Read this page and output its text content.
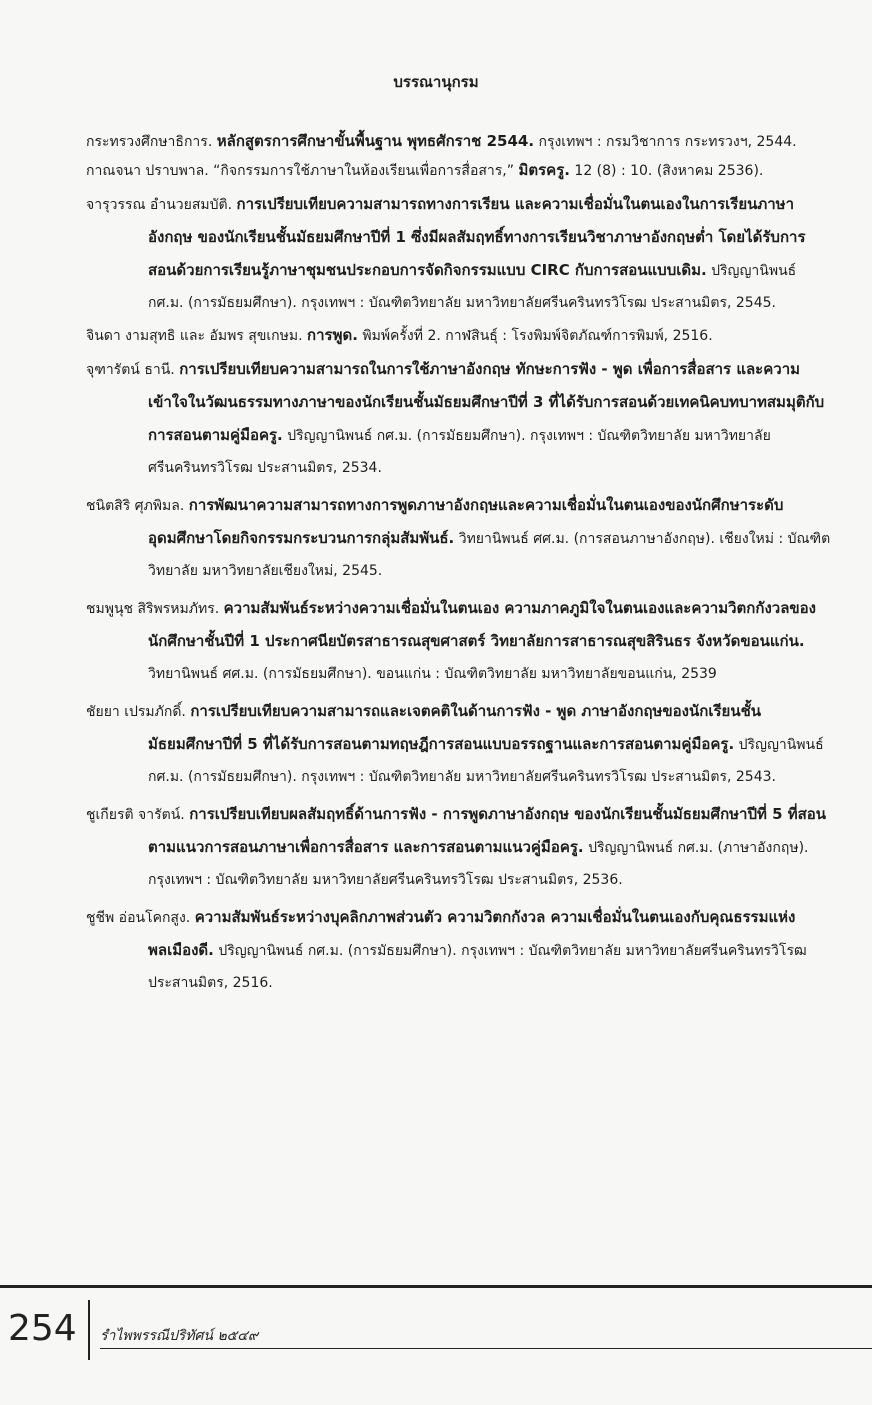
บรรณานุกรม
กระทรวงศึกษาธิการ. หลักสูตรการศึกษาขั้นพื้นฐาน พุทธศักราช 2544. กรุงเทพฯ : กรมวิชาการ กระทรวงฯ, 2544.
กาณจนา ปราบพาล. “กิจกรรมการใช้ภาษาในห้องเรียนเพื่อการสื่อสาร,” มิตรครู. 12 (8) : 10. (สิงหาคม 2536).
จารุวรรณ อำนวยสมบัติ. การเปรียบเทียบความสามารถทางการเรียน และความเชื่อมั่นในตนเองในการเรียนภาษาอังกฤษ ของนักเรียนชั้นมัธยมศึกษาปีที่ 1 ซึ่งมีผลสัมฤทธิ์ทางการเรียนวิชาภาษาอังกฤษต่ำ โดยได้รับการสอนด้วยการเรียนรู้ภาษาชุมชนประกอบการจัดกิจกรรมแบบ CIRC กับการสอนแบบเดิม. ปริญญานิพนธ์ กศ.ม. (การมัธยมศึกษา). กรุงเทพฯ : บัณฑิตวิทยาลัย มหาวิทยาลัยศรีนครินทรวิโรฒ ประสานมิตร, 2545.
จินดา งามสุทธิ และ อัมพร สุขเกษม. การพูด. พิมพ์ครั้งที่ 2. กาฬสินธุ์ : โรงพิมพ์จิตภัณฑ์การพิมพ์, 2516.
จุฑารัตน์ ธานี. การเปรียบเทียบความสามารถในการใช้ภาษาอังกฤษ ทักษะการฟัง - พูด เพื่อการสื่อสาร และความเข้าใจในวัฒนธรรมทางภาษาของนักเรียนชั้นมัธยมศึกษาปีที่ 3 ที่ได้รับการสอนด้วยเทคนิคบทบาทสมมุติกับการสอนตามคู่มือครู. ปริญญานิพนธ์ กศ.ม. (การมัธยมศึกษา). กรุงเทพฯ : บัณฑิตวิทยาลัย มหาวิทยาลัยศรีนครินทรวิโรฒ ประสานมิตร, 2534.
ชนิตสิริ ศุภพิมล. การพัฒนาความสามารถทางการพูดภาษาอังกฤษและความเชื่อมั่นในตนเองของนักศึกษาระดับอุดมศึกษาโดยกิจกรรมกระบวนการกลุ่มสัมพันธ์. วิทยานิพนธ์ ศศ.ม. (การสอนภาษาอังกฤษ). เชียงใหม่ : บัณฑิตวิทยาลัย มหาวิทยาลัยเชียงใหม่, 2545.
ชมพูนุช สิริพรหมภัทร. ความสัมพันธ์ระหว่างความเชื่อมั่นในตนเอง ความภาคภูมิใจในตนเองและความวิตกกังวลของนักศึกษาชั้นปีที่ 1 ประกาศนียบัตรสาธารณสุขศาสตร์ วิทยาลัยการสาธารณสุขสิรินธร จังหวัดขอนแก่น. วิทยานิพนธ์ ศศ.ม. (การมัธยมศึกษา). ขอนแก่น : บัณฑิตวิทยาลัย มหาวิทยาลัยขอนแก่น, 2539
ชัยยา เปรมภักดิ์. การเปรียบเทียบความสามารถและเจตคติในด้านการฟัง - พูด ภาษาอังกฤษของนักเรียนชั้นมัธยมศึกษาปีที่ 5 ที่ได้รับการสอนตามทฤษฎีการสอนแบบอรรถฐานและการสอนตามคู่มือครู. ปริญญานิพนธ์ กศ.ม. (การมัธยมศึกษา). กรุงเทพฯ : บัณฑิตวิทยาลัย มหาวิทยาลัยศรีนครินทรวิโรฒ ประสานมิตร, 2543.
ชูเกียรติ จารัตน์. การเปรียบเทียบผลสัมฤทธิ์ด้านการฟัง - การพูดภาษาอังกฤษ ของนักเรียนชั้นมัธยมศึกษาปีที่ 5 ที่สอนตามแนวการสอนภาษาเพื่อการสื่อสาร และการสอนตามแนวคู่มือครู. ปริญญานิพนธ์ กศ.ม. (ภาษาอังกฤษ). กรุงเทพฯ : บัณฑิตวิทยาลัย มหาวิทยาลัยศรีนครินทรวิโรฒ ประสานมิตร, 2536.
ชูชีพ อ่อนโคกสูง. ความสัมพันธ์ระหว่างบุคลิกภาพส่วนตัว ความวิตกกังวล ความเชื่อมั่นในตนเองกับคุณธรรมแห่งพลเมืองดี. ปริญญานิพนธ์ กศ.ม. (การมัธยมศึกษา). กรุงเทพฯ : บัณฑิตวิทยาลัย มหาวิทยาลัยศรีนครินทรวิโรฒประสานมิตร, 2516.
254 รำไพพรรณีปริทัศน์ ๒๕๔๙
